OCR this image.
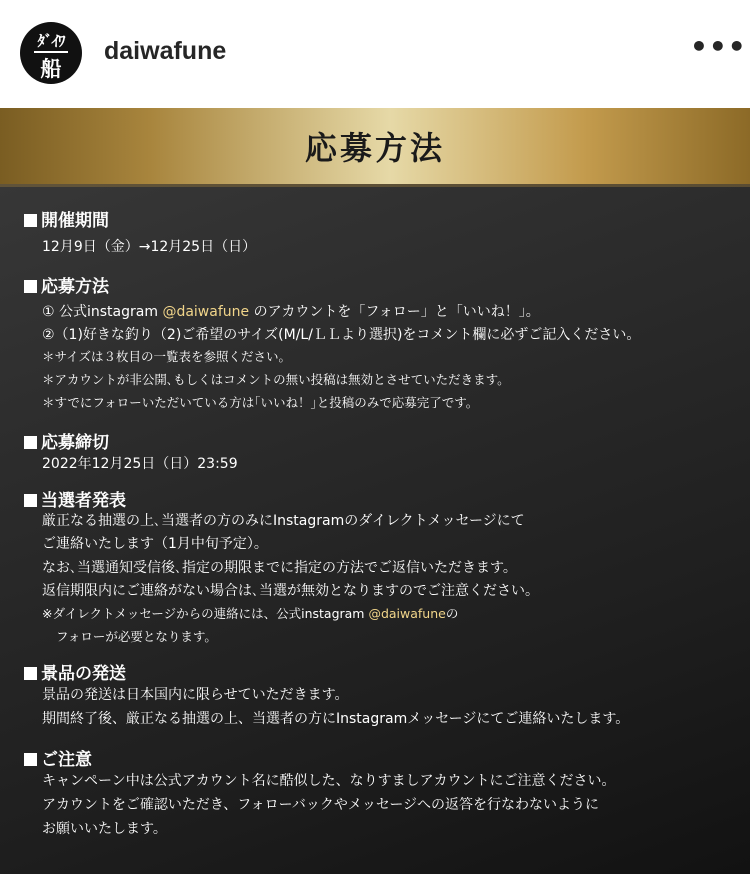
ﾀﾞｲﾜ
船
daiwafune	•••
応募方法
開催期間
12月9日（金）→12月25日（日）
応募方法
① 公式instagram @daiwafune のアカウントを「フォロー」と「いいね！」。
②（1)好きな釣り（2)ご希望のサイズ(M/L/ＬＬより選択)をコメント欄に必ずご記入ください。
＊サイズは３枚目の一覧表を参照ください。
＊アカウントが非公開､もしくはコメントの無い投稿は無効とさせていただきます。
＊すでにフォローいただいている方は｢いいね！｣と投稿のみで応募完了です。
応募締切
2022年12月25日（日）23:59
当選者発表
厳正なる抽選の上､当選者の方のみにInstagramのダイレクトメッセージにて
ご連絡いたします（1月中旬予定）。
なお､当選通知受信後､指定の期限までに指定の方法でご返信いただきます。
返信期限内にご連絡がない場合は､当選が無効となりますのでご注意ください。
※ダイレクトメッセージからの連絡には、公式instagram @daiwafuneの
フォローが必要となります。
景品の発送
景品の発送は日本国内に限らせていただきます。
期間終了後、厳正なる抽選の上、当選者の方にInstagramメッセージにてご連絡いたします。
ご注意
キャンペーン中は公式アカウント名に酷似した、なりすましアカウントにご注意ください。
アカウントをご確認いただき、フォローバックやメッセージへの返答を行なわないように
お願いいたします。
